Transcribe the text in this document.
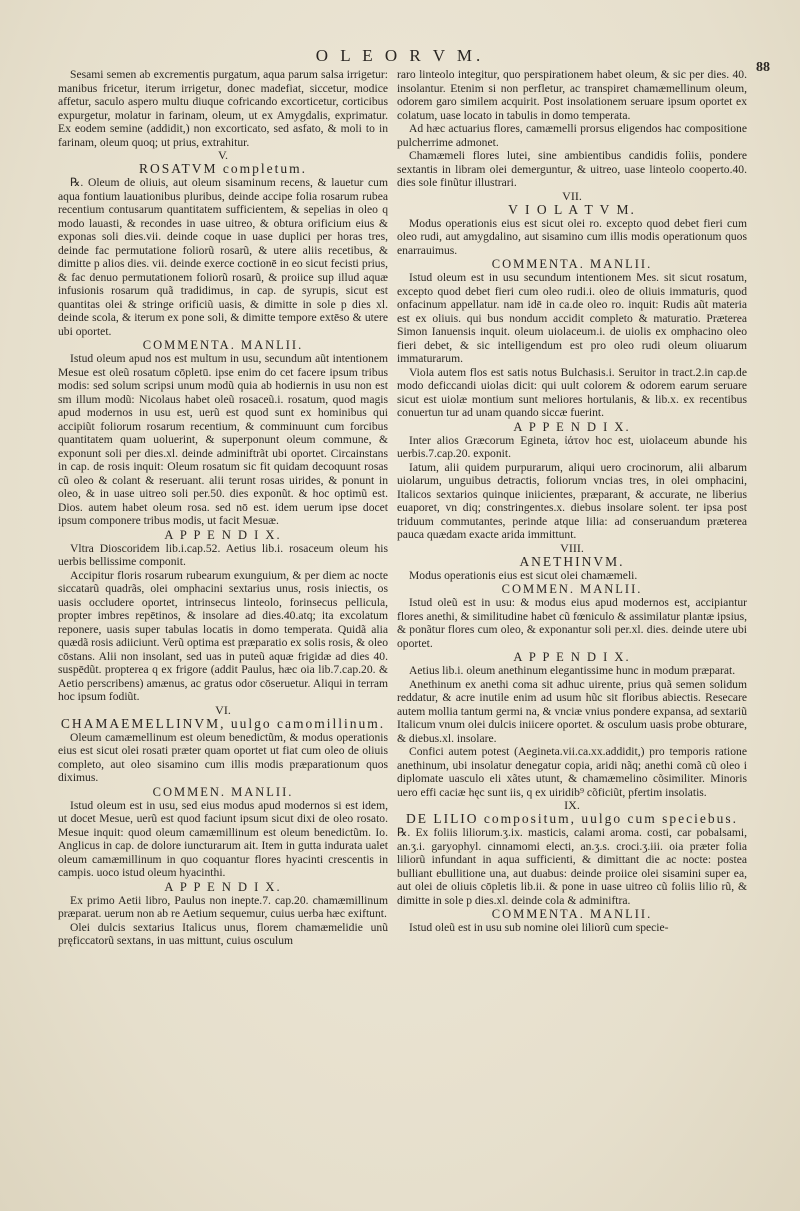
O L E O R V M.
88

Sesami semen ab excrementis purgatum, aqua parum salsa irrigetur: manibus fricetur, iterum irrigetur, donec madefiat, siccetur, modice affetur, saculo aspero multu diuque cofricando excorticetur, corticibus expurgetur, molatur in farinam, oleum, ut ex Amygdalis, exprimatur. Ex eodem semine (addidit,) non excorticato, sed asfato, & moli to in farinam, oleum quoq; ut prius, extrahitur.

V.

ROSATVM completum.

℞. Oleum de oliuis, aut oleum sisaminum recens, & lauetur cum aqua fontium lauationibus pluribus, deinde accipe folia rosarum rubea recentium contusarum quantitatem sufficientem, & sepelias in oleo q modo lauasti, & recondes in uase uitreo, & obtura orificium eius & exponas soli dies.vii. deinde coque in uase duplici per horas tres, deinde fac permutatione foliorũ rosarũ, & utere aliis recetibus, & dimitte p alios dies. vii. deinde exerce coctionē in eo sicut fecisti prius, & fac denuo permutationem foliorũ rosarũ, & proiice sup illud aquæ infusionis rosarum quã tradidimus, in cap. de syrupis, sicut est quantitas olei & stringe orificiũ uasis, & dimitte in sole p dies xl. deinde scola, & iterum ex pone soli, & dimitte tempore extēso & utere ubi oportet.

COMMENTA. MANLII.

Istud oleum apud nos est multum in usu, secundum aũt intentionem Mesue est oleũ rosatum cōpletū. ipse enim do cet facere ipsum tribus modis: sed solum scripsi unum modũ quia ab hodiernis in usu non est sm illum modũ: Nicolaus habet oleũ rosaceũ.i. rosatum, quod magis apud modernos in usu est, uerũ est quod sunt ex hominibus qui accipiũt foliorum rosarum recentium, & comminuunt cum forcibus quantitatem quam uoluerint, & superponunt oleum commune, & exponunt soli per dies.xl. deinde adminiftrãt ubi oportet. Circainstans in cap. de rosis inquit: Oleum rosatum sic fit quidam decoquunt rosas cũ oleo & colant & reseruant. alii terunt rosas uirides, & ponunt in oleo, & in uase uitreo soli per.50. dies exponũt. & hoc optimũ est. Dios. autem habet oleum rosa. sed nō est. idem uerum ipse docet ipsum componere tribus modis, ut facit Mesuæ.

A P P E N D I X.

Vltra Dioscoridem lib.i.cap.52. Aetius lib.i. rosaceum oleum his uerbis bellissime componit.

Accipitur floris rosarum rubearum exunguium, & per diem ac nocte siccatarũ quadrãs, olei omphacini sextarius unus, rosis iniectis, os uasis occludere oportet, intrinsecus linteolo, forinsecus pellicula, propter imbres repētinos, & insolare ad dies.40.atq; ita excolatum reponere, uasis super tabulas locatis in domo temperata. Quidã alia quædã rosis adiiciunt. Verũ optima est præparatio ex solis rosis, & oleo cōstans. Alii non insolant, sed uas in puteũ aquæ frigidæ ad dies 40. suspēdũt. propterea q ex frigore (addit Paulus, hæc oia lib.7.cap.20. & Aetio perscribens) amænus, ac gratus odor cōseruetur. Aliqui in terram hoc ipsum fodiũt.

VI.

CHAMAEMELLINVM, uulgo camomillinum.

Oleum camæmellinum est oleum benedictũm, & modus operationis eius est sicut olei rosati præter quam oportet ut fiat cum oleo de oliuis completo, aut oleo sisamino cum illis modis præparationum quos diximus.

COMMEN. MANLII.

Istud oleum est in usu, sed eius modus apud modernos si est idem, ut docet Mesue, uerũ est quod faciunt ipsum sicut dixi de oleo rosato. Mesue inquit: quod oleum camæmillinum est oleum benedictũm. Io. Anglicus in cap. de dolore iuncturarum ait. Item in gutta indurata ualet oleum camæmillinum in quo coquantur flores hyacinti crescentis in campis. uoco istud oleum hyacinthi.

A P P E N D I X.

Ex primo Aetii libro, Paulus non inepte.7. cap.20. chamæmillinum præparat. uerum non ab re Aetium sequemur, cuius uerba hæc exiftunt.

Olei dulcis sextarius Italicus unus, florem chamæmelidie unũ pręficcatorũ sextans, in uas mittunt, cuius osculum

raro linteolo integitur, quo perspirationem habet oleum, & sic per dies. 40. insolantur. Etenim si non perfletur, ac transpiret chamæmellinum oleum, odorem garo similem acquirit. Post insolationem seruare ipsum oportet ex colatum, uase locato in tabulis in domo temperata.

Ad hæc actuarius flores, camæmelli prorsus eligendos hac compositione pulcherrime admonet.

Chamæmeli flores lutei, sine ambientibus candidis folìis, pondere sextantis in libram olei demerguntur, & uitreo, uase linteolo cooperto.40. dies sole finũtur illustrari.

VII.

V I O L A T V M.

Modus operationis eius est sicut olei ro. excepto quod debet fieri cum oleo rudi, aut amygdalino, aut sisamino cum illis modis operationum quos enarrauimus.

COMMENTA. MANLII.

Istud oleum est in usu secundum intentionem Mes. sit sicut rosatum, excepto quod debet fieri cum oleo rudi.i. oleo de oliuis immaturis, quod onfacinum appellatur. nam idē in ca.de oleo ro. inquit: Rudis aũt materia est ex oliuis. qui bus nondum accidit completo & maturatio. Præterea Simon Ianuensis inquit. oleum uiolaceum.i. de uiolis ex omphacino oleo fieri debet, & sic intelligendum est pro oleo rudi oleum oliuarum immaturarum.

Viola autem flos est satis notus Bulchasis.i. Seruitor in tract.2.in cap.de modo deficcandi uiolas dicit: qui uult colorem & odorem earum seruare sicut est uiolæ montium sunt meliores hortulanis, & lib.x. ex recentibus conuertun tur ad unam quando siccæ fuerint.

A P P E N D I X.

Inter alios Græcorum Egineta, ἰάτον hoc est, uiolaceum abunde his uerbis.7.cap.20. exponit.

Iatum, alii quidem purpurarum, aliqui uero crocinorum, alii albarum uiolarum, unguibus detractis, foliorum vncias tres, in olei omphacini, Italicos sextarios quinque iniicientes, præparant, & accurate, ne liberius euaporet, vn diq; constringentes.x. diebus insolare solent. ter ipsa post triduum commutantes, perinde atque lilia: ad conseruandum præterea pauca quædam exacte arida immittunt.

VIII.

ANETHINVM.

Modus operationis eius est sicut olei chamæmeli.

COMMEN. MANLII.

Istud oleũ est in usu: & modus eius apud modernos est, accipiantur flores anethi, & similitudine habet cũ fœniculo & assimilatur plantæ ipsius, & ponãtur flores cum oleo, & exponantur soli per.xl. dies. deinde utere ubi oportet.

A P P E N D I X.

Aetius lib.i. oleum anethinum elegantissime hunc in modum præparat.

Anethinum ex anethi coma sit adhuc uirente, prius quã semen solidum reddatur, & acre inutile enim ad usum hũc sit floribus abiectis. Resecare autem mollia tantum germi na, & vnciæ vnius pondere expansa, ad sextariũ Italicum vnum olei dulcis iniicere oportet. & osculum uasis probe obturare, & diebus.xl. insolare.

Confici autem potest (Aegineta.vii.ca.xx.addidit,) pro temporis ratione anethinum, ubi insolatur denegatur copia, aridi nãq; anethi comã cũ oleo i diplomate uasculo eli xãtes utunt, & chamæmelino cõsimiliter. Minoris uero effi caciæ hęc sunt iis, q ex uiridib⁹ cõficiũt, pfertim insolatis.

IX.

DE LILIO compositum, uulgo cum speciebus.

℞. Ex foliis liliorum.ʒ.ix. masticis, calami aroma. costi, car pobalsami, an.ʒ.i. garyophyl. cinnamomi electi, an.ʒ.s. croci.ʒ.iii. oia præter folia liliorũ infundant in aqua sufficienti, & dimittant die ac nocte: postea bulliant ebullitione una, aut duabus: deinde proiice olei sisamini super ea, aut olei de oliuis cōpletis lib.ii. & pone in uase uitreo cũ foliis lilio rũ, & dimitte in sole p dies.xl. deinde cola & adminiftra.

COMMENTA. MANLII.

Istud oleũ est in usu sub nomine olei liliorũ cum specie-
